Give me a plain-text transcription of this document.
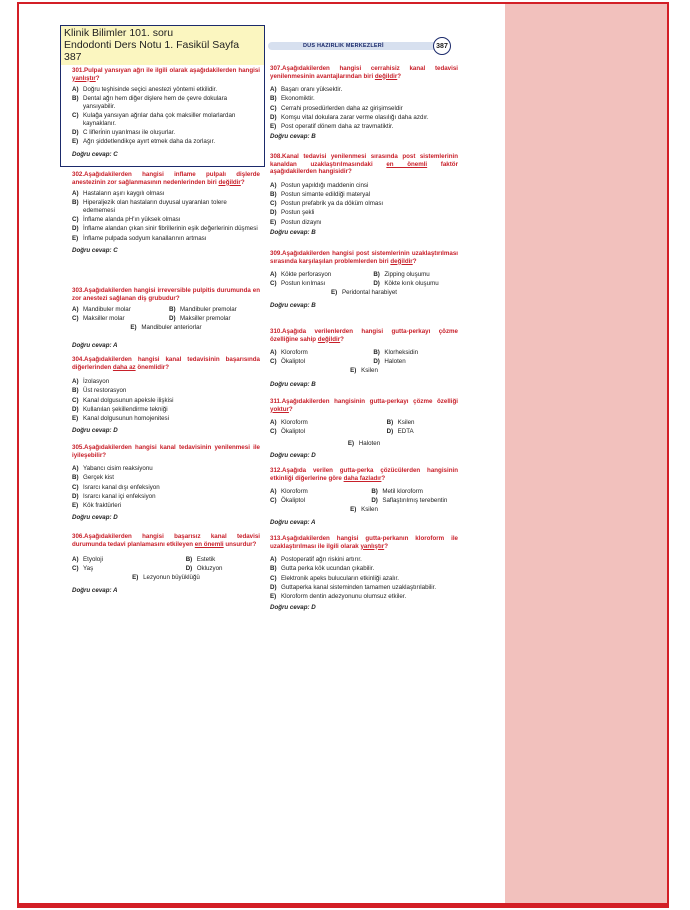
DUS HAZIRLIK MERKEZLERİ	387
Klinik Bilimler 101. soru
Endodonti Ders Notu 1. Fasikül Sayfa
387
301.Pulpal yansıyan ağrı ile ilgili olarak aşağıdakilerden hangisi yanlıştır?
A) Doğru teşhisinde seçici anestezi yöntemi etkilidir.
B) Dental ağrı hem diğer dişlere hem de çevre dokulara yansıyabilir.
C) Kulağa yansıyan ağrılar daha çok maksiller molarlardan kaynaklanır.
D) C lifleri̇nin uyarılması ile oluşurlar.
E) Ağrı şiddetlendikçe ayırt etmek daha da zorlaşır.
Doğru cevap: C
302.Aşağıdakilerden hangisi inflame pulpalı dişlerde anestezinin zor sağlanmasının nedenlerinden biri değildir?
A) Hastaların aşırı kaygılı olması
B) Hiperaljezik olan hastaların duyusal uyaranları tolere edememesi
C) İnflame alanda pH'ın yüksek olması
D) İnflame alandan çıkan sinir fibrillerinin eşik değerlerinin düşmesi
E) İnflame pulpada sodyum kanallarının artması
Doğru cevap: C
303.Aşağıdakilerden hangisi irreversible pulpitis durumunda en zor anestezi sağlanan diş grubudur?
A) Mandibuler molar	B) Mandibuler premolar
C) Maksiller molar	D) Maksiller premolar
E) Mandibuler anteriorlar
Doğru cevap: A
304.Aşağıdakilerden hangisi kanal tedavisinin başarısında diğerlerinden daha az önemlidir?
A) İzolasyon
B) Üst restorasyon
C) Kanal dolgusunun apeksle ilişkisi
D) Kullanılan şekillendirme tekniği
E) Kanal dolgusunun homojenitesi
Doğru cevap: D
305.Aşağıdakilerden hangisi kanal tedavisinin yenilenmesi ile iyileşebilir?
A) Yabancı cisim reaksiyonu
B) Gerçek kist
C) Israrcı kanal dışı enfeksiyon
D) Israrcı kanal içi enfeksiyon
E) Kök fraktürleri
Doğru cevap: D
306.Aşağıdakilerden hangisi başarısız kanal tedavisi durumunda tedavi planlamasını etkileyen en önemli unsurdur?
A) Etyoloji	B) Estetik
C) Yaş	D) Okluzyon
E) Lezyonun büyüklüğü
Doğru cevap: A
307.Aşağıdakilerden hangisi cerrahisiz kanal tedavisi yenilenmesinin avantajlarından biri değildir?
A) Başarı oranı yüksektir.
B) Ekonomiktir.
C) Cerrahi prosedürlerden daha az girişimseldir
D) Komşu vital dokulara zarar verme olasılığı daha azdır.
E) Post operatif dönem daha az travmatiktir.
Doğru cevap: B
308.Kanal tedavisi yenilenmesi sırasında post sistemlerinin kanaldan uzaklaştırılmasındaki en önemli faktör aşağıdakilerden hangisidir?
A) Postun yapıldığı maddenin cinsi
B) Postun simante edildiği materyal
C) Postun prefabrik ya da döküm olması
D) Postun şekli
E) Postun dizaynı
Doğru cevap: B
309.Aşağıdakilerden hangisi post sistemlerinin uzaklaştırılması sırasında karşılaşılan problemlerden biri değildir?
A) Kökte perforasyon	B) Zipping oluşumu
C) Postun kırılması	D) Kökte kırık oluşumu
E) Peridontal harabiyet
Doğru cevap: B
310.Aşağıda verilenlerden hangisi gutta-perkayı çözme özelliğine sahip değildir?
A) Kloroform	B) Klorheksidin
C) Ökaliptol	D) Haloten
E) Ksilen
Doğru cevap: B
311.Aşağıdakilerden hangisinin gutta-perkayı çözme özelliği yoktur?
A) Kloroform	B) Ksilen
C) Ökaliptol	D) EDTA
E) Haloten
Doğru cevap: D
312.Aşağıda verilen gutta-perka çözücülerden hangisinin etkinliği diğerlerine göre daha fazladır?
A) Kloroform	B) Metil kloroform
C) Ökaliptol	D) Saflaştırılmış terebentin
E) Ksilen
Doğru cevap: A
313.Aşağıdakilerden hangisi gutta-perkanın kloroform ile uzaklaştırılması ile ilgili olarak yanlıştır?
A) Postoperatif ağrı riskini artırır.
B) Gutta perka kök ucundan çıkabilir.
C) Elektronik apeks bulucuların etkinliği azalır.
D) Guttaperka kanal sisteminden tamamen uzaklaştırılabilir.
E) Kloroform dentin adezyonunu olumsuz etkiler.
Doğru cevap: D
